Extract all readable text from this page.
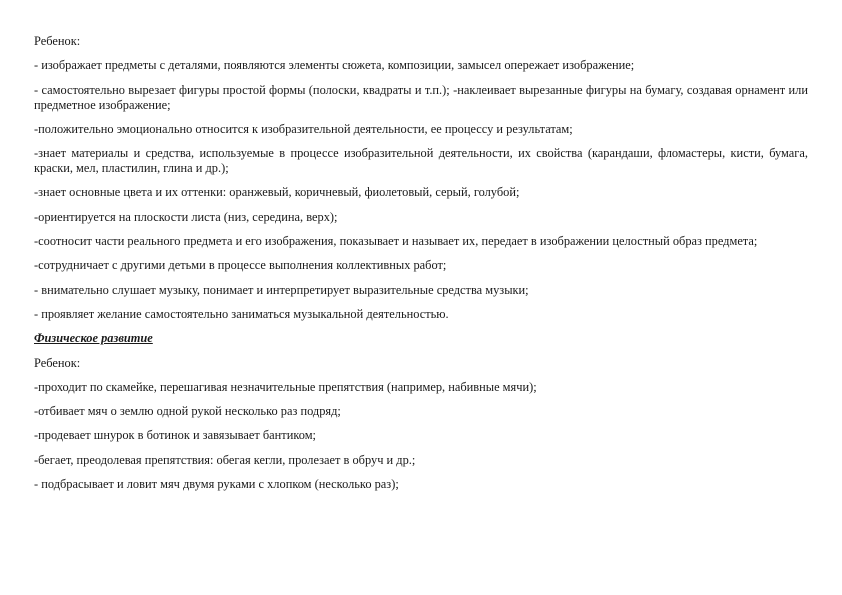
Ребенок:

- изображает предметы с деталями, появляются элементы сюжета, композиции, замысел опережает изображение;

- самостоятельно вырезает фигуры простой формы (полоски, квадраты и т.п.); -наклеивает вырезанные фигуры на бумагу, создавая орнамент или предметное изображение;

-положительно эмоционально относится к изобразительной деятельности, ее процессу и результатам;

-знает материалы и средства, используемые в процессе изобразительной деятельности, их свойства (карандаши, фломастеры, кисти, бумага, краски, мел, пластилин, глина и др.);

-знает основные цвета и их оттенки: оранжевый, коричневый, фиолетовый, серый, голубой;

-ориентируется на плоскости листа (низ, середина, верх);

-соотносит части реального предмета и его изображения, показывает и называет их, передает в изображении целостный образ предмета;

-сотрудничает с другими детьми в процессе выполнения коллективных работ;

- внимательно слушает музыку, понимает и интерпретирует выразительные средства музыки;

- проявляет желание самостоятельно заниматься музыкальной деятельностью.

Физическое развитие

Ребенок:

-проходит по скамейке, перешагивая незначительные препятствия (например, набивные мячи);

-отбивает мяч о землю одной рукой несколько раз подряд;

-продевает шнурок в ботинок и завязывает бантиком;

-бегает, преодолевая препятствия: обегая кегли, пролезает в обруч и др.;

- подбрасывает и ловит мяч двумя руками с хлопком (несколько раз);
